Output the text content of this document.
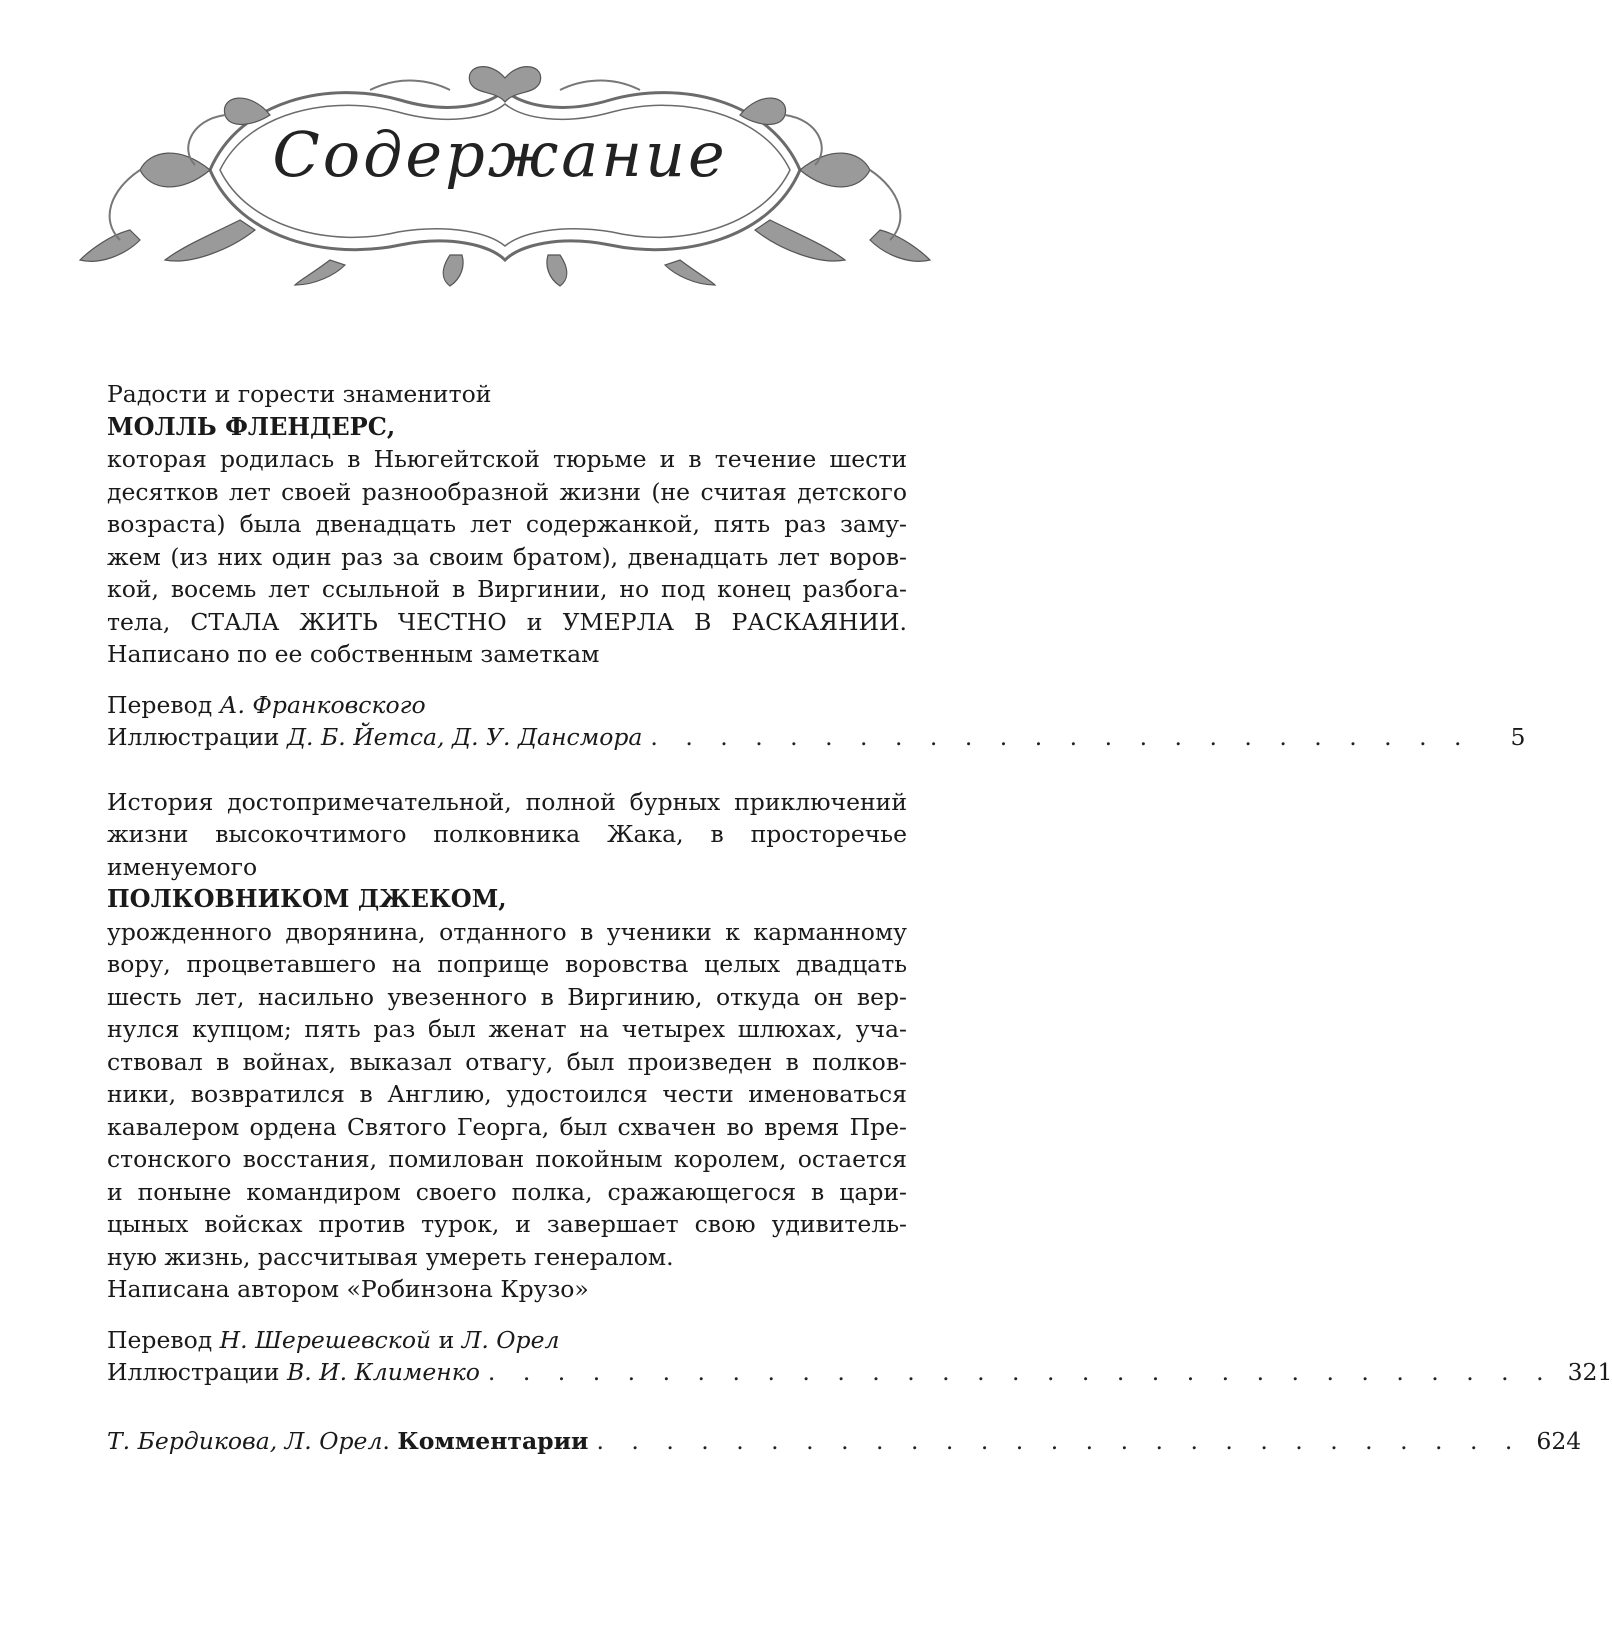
Содержание
Радости и горести знаменитой
МОЛЛЬ ФЛЕНДЕРС,
которая родилась в Ньюгейтской тюрьме и в течение шести
десятков лет своей разнообразной жизни (не считая детского
возраста) была двенадцать лет содержанкой, пять раз заму-
жем (из них один раз за своим братом), двенадцать лет воров-
кой, восемь лет ссыльной в Виргинии, но под конец разбога-
тела, СТАЛА ЖИТЬ ЧЕСТНО и УМЕРЛА В РАСКАЯНИИ.
Написано по ее собственным заметкам
Перевод А. Франковского
Иллюстрации Д. Б. Йетса, Д. У. Дансмора . . . . . . . . . . . . . . . . . . . . . . . .	5
История достопримечательной, полной бурных приключений
жизни высокочтимого полковника Жака, в просторечье
именуемого
ПОЛКОВНИКОМ ДЖЕКОМ,
урожденного дворянина, отданного в ученики к карманному
вору, процветавшего на поприще воровства целых двадцать
шесть лет, насильно увезенного в Виргинию, откуда он вер-
нулся купцом; пять раз был женат на четырех шлюхах, уча-
ствовал в войнах, выказал отвагу, был произведен в полков-
ники, возвратился в Англию, удостоился чести именоваться
кавалером ордена Святого Георга, был схвачен во время Пре-
стонского восстания, помилован покойным королем, остается
и поныне командиром своего полка, сражающегося в цари-
цыных войсках против турок, и завершает свою удивитель-
ную жизнь, рассчитывая умереть генералом.
Написана автором «Робинзона Крузо»
Перевод Н. Шерешевской и Л. Орел
Иллюстрации В. И. Клименко . . . . . . . . . . . . . . . . . . . . . . . . . . . . . . . 321
Т. Бердикова, Л. Орел. Комментарии . . . . . . . . . . . . . . . . . . . . . . . . . . . 624
